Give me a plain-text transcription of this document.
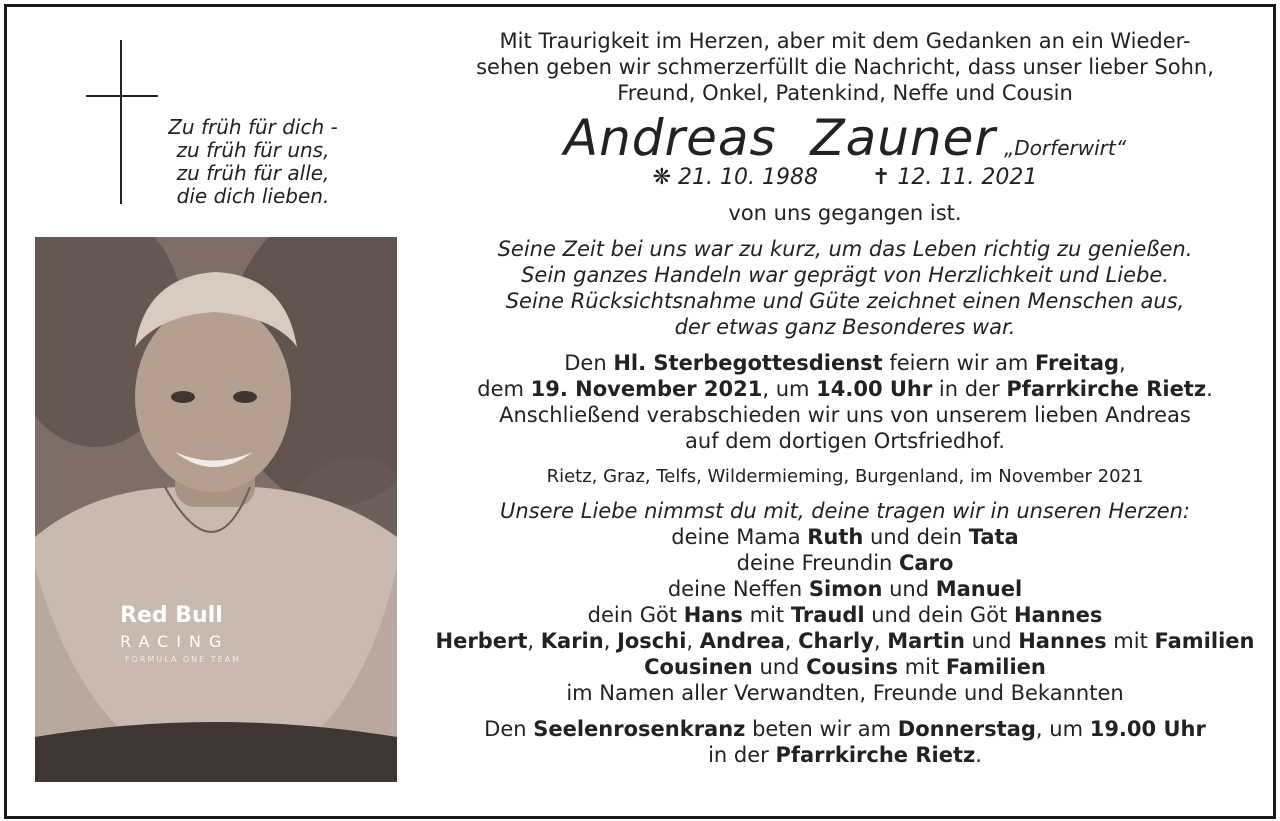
Zu früh für dich -
zu früh für uns,
zu früh für alle,
die dich lieben.
Red Bull
RACING
FORMULA ONE TEAM
Mit Traurigkeit im Herzen, aber mit dem Gedanken an ein Wieder-
sehen geben wir schmerzerfüllt die Nachricht, dass unser lieber Sohn,
Freund, Onkel, Patenkind, Neffe und Cousin
Andreas  Zauner „Dorferwirt“
❋ 21. 10. 1988 ✝ 12. 11. 2021
von uns gegangen ist.
Seine Zeit bei uns war zu kurz, um das Leben richtig zu genießen.
Sein ganzes Handeln war geprägt von Herzlichkeit und Liebe.
Seine Rücksichtsnahme und Güte zeichnet einen Menschen aus,
der etwas ganz Besonderes war.
Den Hl. Sterbegottesdienst feiern wir am Freitag,
dem 19. November 2021, um 14.00 Uhr in der Pfarrkirche Rietz.
Anschließend verabschieden wir uns von unserem lieben Andreas
auf dem dortigen Ortsfriedhof.
Rietz, Graz, Telfs, Wildermieming, Burgenland, im November 2021
Unsere Liebe nimmst du mit, deine tragen wir in unseren Herzen:
deine Mama Ruth und dein Tata
deine Freundin Caro
deine Neffen Simon und Manuel
dein Göt Hans mit Traudl und dein Göt Hannes
Herbert, Karin, Joschi, Andrea, Charly, Martin und Hannes mit Familien
Cousinen und Cousins mit Familien
im Namen aller Verwandten, Freunde und Bekannten
Den Seelenrosenkranz beten wir am Donnerstag, um 19.00 Uhr
in der Pfarrkirche Rietz.
